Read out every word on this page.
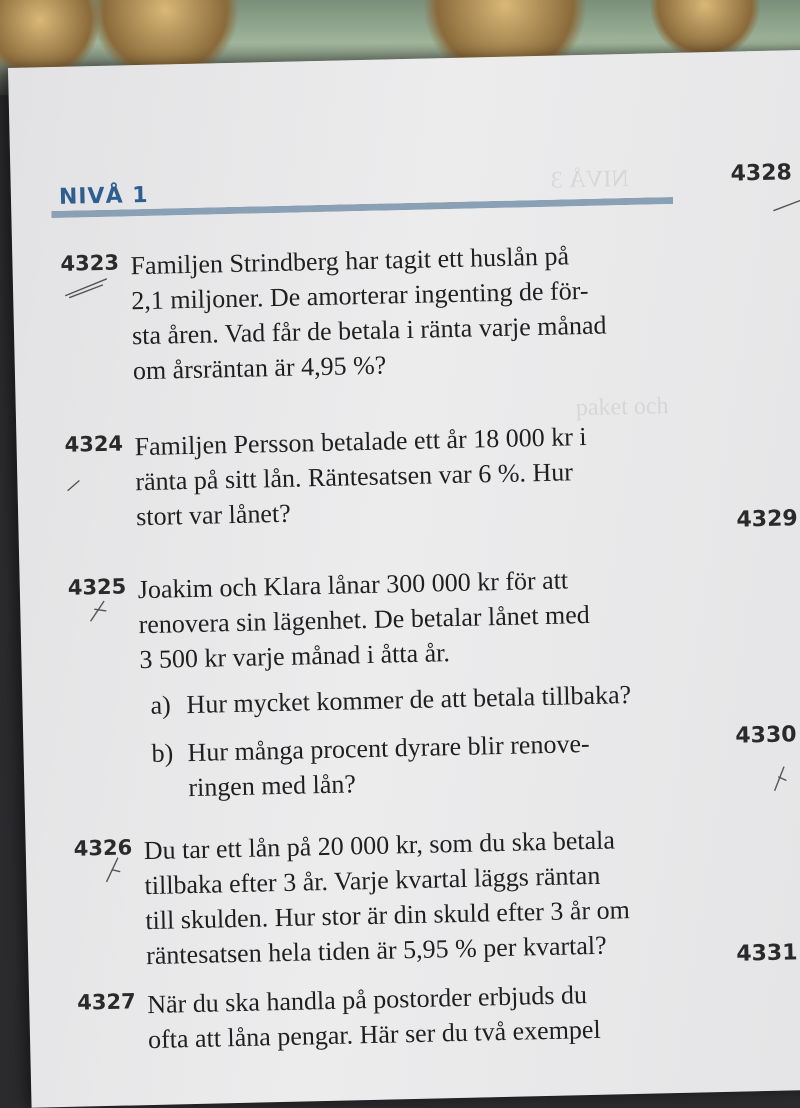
NIVÅ 3
paket och
NIVÅ 1
4328
4329
4330
4331
4323 Familjen Strindberg har tagit ett huslån på
2,1 miljoner. De amorterar ingenting de för-
sta åren. Vad får de betala i ränta varje månad
om årsräntan är 4,95 %?
4324 Familjen Persson betalade ett år 18 000 kr i
ränta på sitt lån. Räntesatsen var 6 %. Hur
stort var lånet?
4325 Joakim och Klara lånar 300 000 kr för att
renovera sin lägenhet. De betalar lånet med
3 500 kr varje månad i åtta år.
a) Hur mycket kommer de att betala tillbaka?
b) Hur många procent dyrare blir renove-
ringen med lån?
4326 Du tar ett lån på 20 000 kr, som du ska betala
tillbaka efter 3 år. Varje kvartal läggs räntan
till skulden. Hur stor är din skuld efter 3 år om
räntesatsen hela tiden är 5,95 % per kvartal?
4327 När du ska handla på postorder erbjuds du
ofta att låna pengar. Här ser du två exempel
